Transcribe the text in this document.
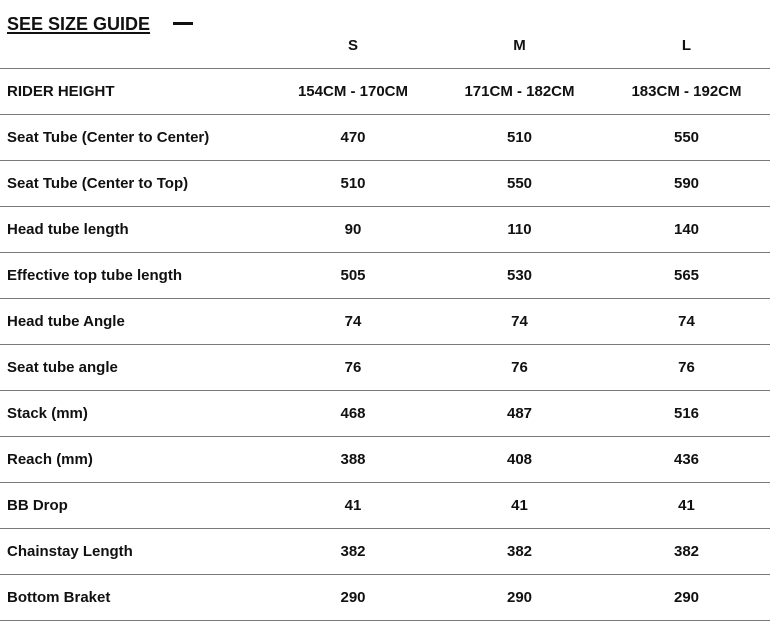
	S	M	L
RIDER HEIGHT	154CM - 170CM	171CM - 182CM	183CM - 192CM
Seat Tube (Center to Center)	470	510	550
Seat Tube (Center to Top)	510	550	590
Head tube length	90	110	140
Effective top tube length	505	530	565
Head tube Angle	74	74	74
Seat tube angle	76	76	76
Stack (mm)	468	487	516
Reach (mm)	388	408	436
BB Drop	41	41	41
Chainstay Length	382	382	382
Bottom Braket	290	290	290
SEE SIZE GUIDE
